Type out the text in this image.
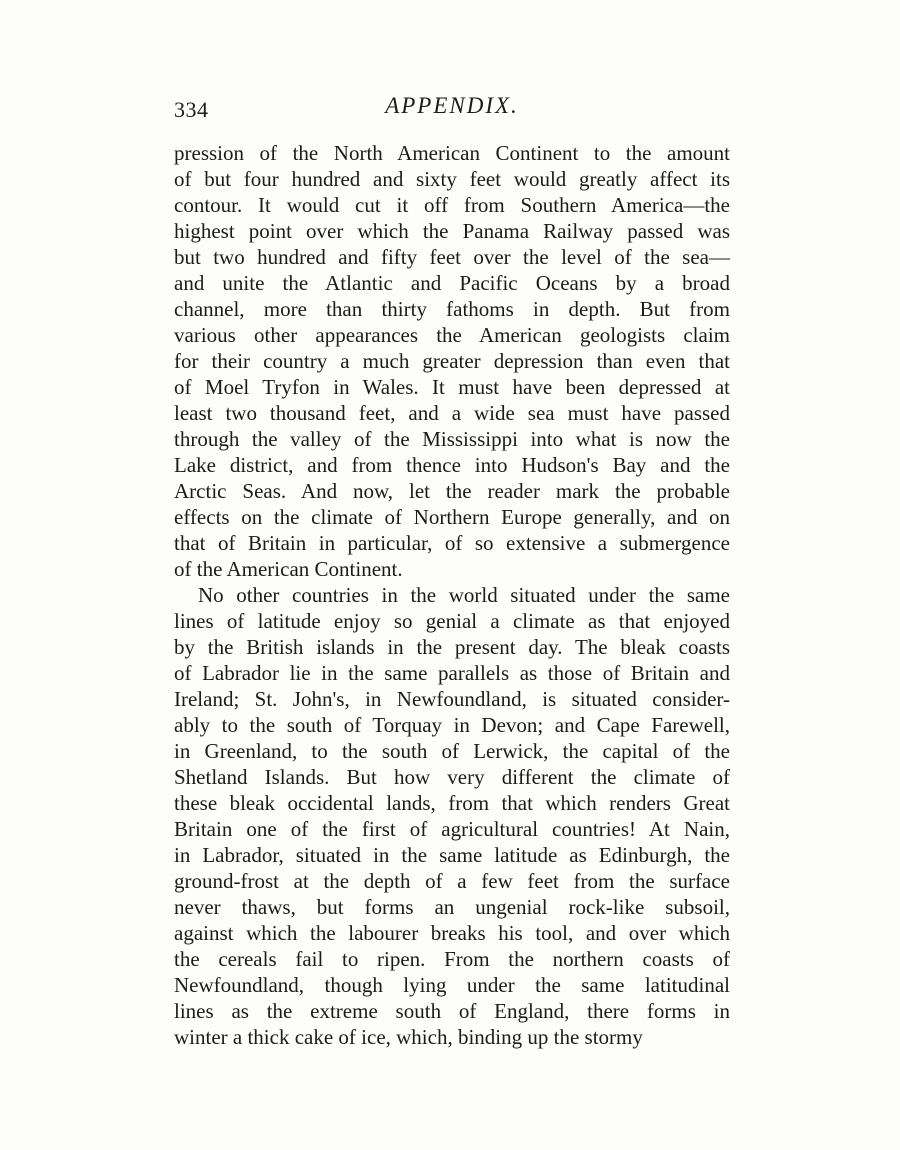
334	APPENDIX.
pression of the North American Continent to the amount
of but four hundred and sixty feet would greatly affect its
contour. It would cut it off from Southern America—the
highest point over which the Panama Railway passed was
but two hundred and fifty feet over the level of the sea—
and unite the Atlantic and Pacific Oceans by a broad
channel, more than thirty fathoms in depth. But from
various other appearances the American geologists claim
for their country a much greater depression than even that
of Moel Tryfon in Wales. It must have been depressed at
least two thousand feet, and a wide sea must have passed
through the valley of the Mississippi into what is now the
Lake district, and from thence into Hudson's Bay and the
Arctic Seas. And now, let the reader mark the probable
effects on the climate of Northern Europe generally, and on
that of Britain in particular, of so extensive a submergence
of the American Continent.
No other countries in the world situated under the same
lines of latitude enjoy so genial a climate as that enjoyed
by the British islands in the present day. The bleak coasts
of Labrador lie in the same parallels as those of Britain and
Ireland; St. John's, in Newfoundland, is situated consider-
ably to the south of Torquay in Devon; and Cape Farewell,
in Greenland, to the south of Lerwick, the capital of the
Shetland Islands. But how very different the climate of
these bleak occidental lands, from that which renders Great
Britain one of the first of agricultural countries! At Nain,
in Labrador, situated in the same latitude as Edinburgh, the
ground-frost at the depth of a few feet from the surface
never thaws, but forms an ungenial rock-like subsoil,
against which the labourer breaks his tool, and over which
the cereals fail to ripen. From the northern coasts of
Newfoundland, though lying under the same latitudinal
lines as the extreme south of England, there forms in
winter a thick cake of ice, which, binding up the stormy
